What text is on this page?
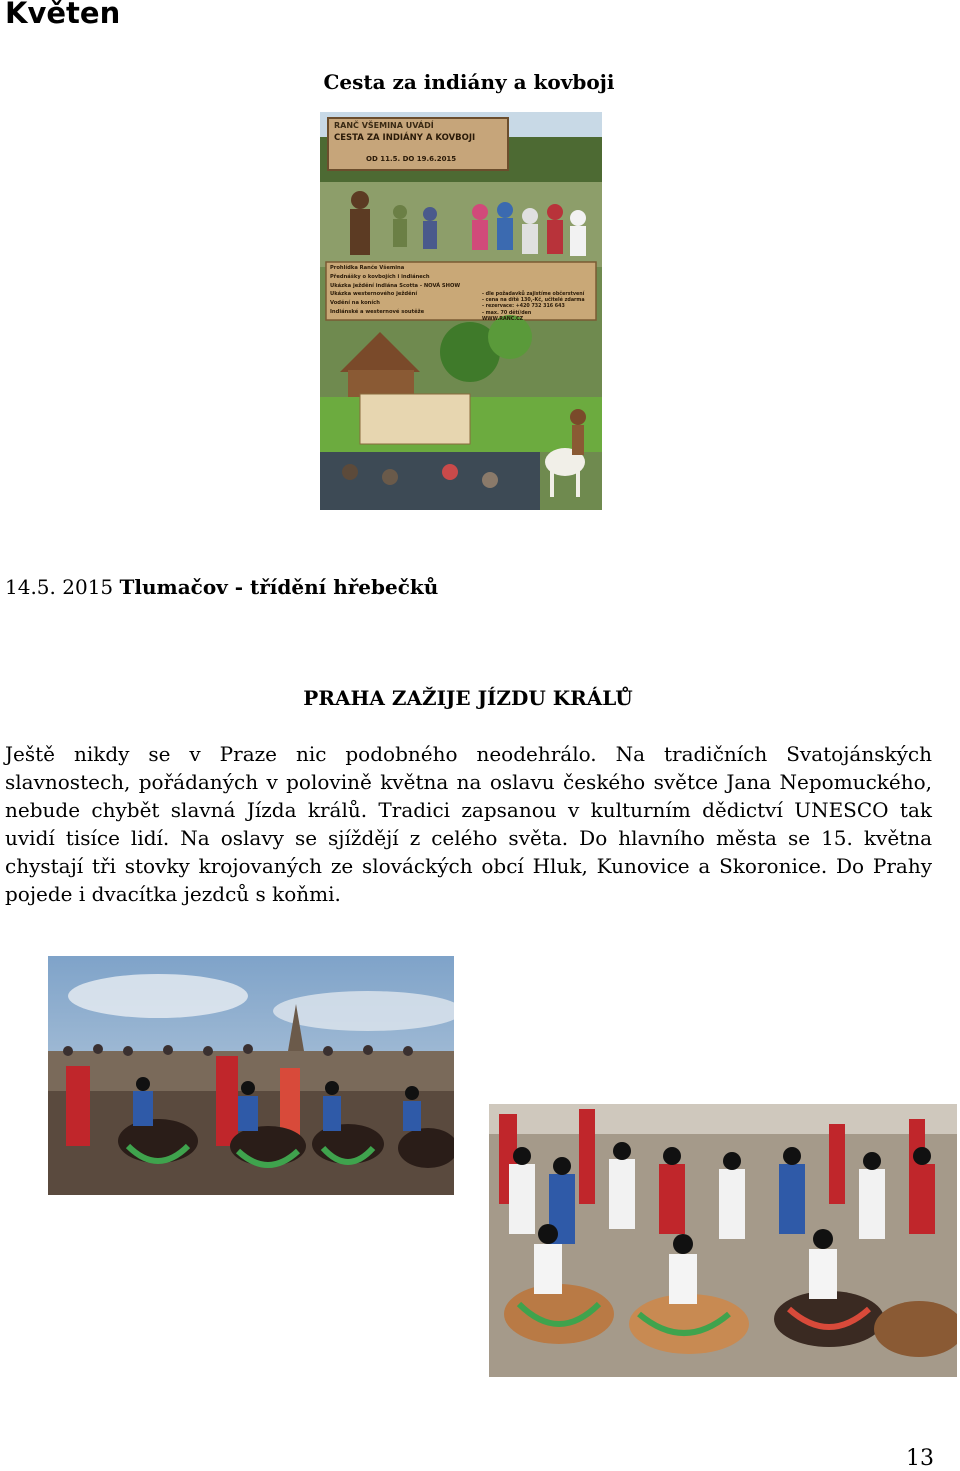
Květen
Cesta za indiány a kovboji
RANČ VŠEMINA UVÁDÍ
CESTA ZA INDIÁNY A KOVBOJI
OD 11.5. DO 19.6.2015
Prohlídka Ranče Všemina
Přednášky o kovbojích i indiánech
Ukázka ježdění indiána Scotta - NOVÁ SHOW
Ukázka westernového ježdění
Vodění na koních
Indiánské a westernové soutěže
- dle požadavků zajistíme občerstvení
- cena na dítě 130,-Kč, učitelé zdarma
- rezervace: +420 732 316 643
- max. 70 dětí/den
WWW.RANC.CZ
14.5. 2015 Tlumačov - třídění hřebečků
PRAHA ZAŽIJE JÍZDU KRÁLŮ

Ještě nikdy se v Praze nic podobného neodehrálo. Na tradičních Svatojánských slavnostech, pořádaných v polovině května na oslavu českého světce Jana Nepomuckého, nebude chybět slavná Jízda králů. Tradici zapsanou v kulturním dědictví UNESCO tak uvidí tisíce lidí. Na oslavy se sjíždějí z celého světa. Do hlavního města se 15. května chystají tři stovky krojovaných ze slováckých obcí Hluk, Kunovice a Skoronice. Do Prahy pojede i dvacítka jezdců s koňmi.

13
